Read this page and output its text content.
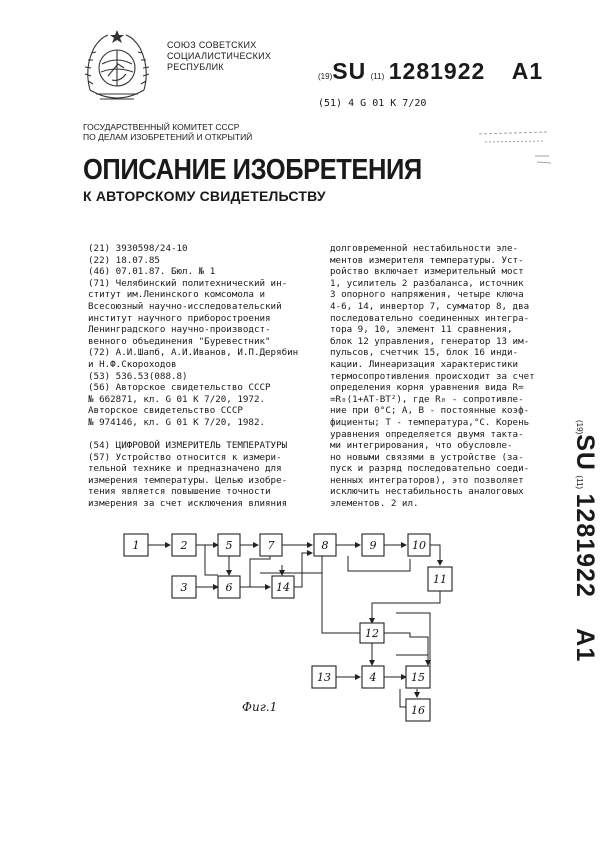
СОЮЗ СОВЕТСКИХ
СОЦИАЛИСТИЧЕСКИХ
РЕСПУБЛИК
(19)SU (11) 1281922 A1
(51) 4 G 01 K 7/20
ГОСУДАРСТВЕННЫЙ КОМИТЕТ СССР
ПО ДЕЛАМ ИЗОБРЕТЕНИЙ И ОТКРЫТИЙ
ОПИСАНИЕ ИЗОБРЕТЕНИЯ
К АВТОРСКОМУ СВИДЕТЕЛЬСТВУ
(21) 3930598/24-10
(22) 18.07.85
(46) 07.01.87. Бюл. № 1
(71) Челябинский политехнический ин-
ститут им.Ленинского комсомола и
Всесоюзный научно-исследовательский
институт научного приборостроения
Ленинградского научно-производст-
венного объединения "Буревестник"
(72) А.И.Шапб, А.И.Иванов, И.П.Дерябин
и Н.Ф.Скороходов
(53) 536.53(088.8)
(56) Авторское свидетельство СССР
№ 662871, кл. G 01 K 7/20, 1972.
Авторское свидетельство СССР
№ 974146, кл. G 01 K 7/20, 1982.

(54) ЦИФРОВОЙ ИЗМЕРИТЕЛЬ ТЕМПЕРАТУРЫ
(57) Устройство относится к измери-
тельной технике и предназначено для
измерения температуры. Целью изобре-
тения является повышение точности
измерения за счет исключения влияния
долговременной нестабильности эле-
ментов измерителя температуры. Уст-
ройство включает измерительный мост
1, усилитель 2 разбаланса, источник
3 опорного напряжения, четыре ключа
4-6, 14, инвертор 7, сумматор 8, два
последовательно соединенных интегра-
тора 9, 10, элемент 11 сравнения,
блок 12 управления, генератор 13 им-
пульсов, счетчик 15, блок 16 инди-
кации. Линеаризация характеристики
термосопротивления происходит за счет
определения корня уравнения вида R=
=R₀(1+AT-BT²), где R₀ - сопротивле-
ние при 0°C; A, B - постоянные коэф-
фициенты; T - температура,°C. Корень
уравнения определяется двумя такта-
ми интегрирования, что обусловле-
но новыми связями в устройстве (за-
пуск и разряд последовательно соеди-
ненных интеграторов), это позволяет
исключить нестабильность аналоговых
элементов. 2 ил.
(19)SU (11) 1281922 A1
1	2	5	7	8	9	10
3	6	14
11
12
13	4	15
16
Фиг.1
